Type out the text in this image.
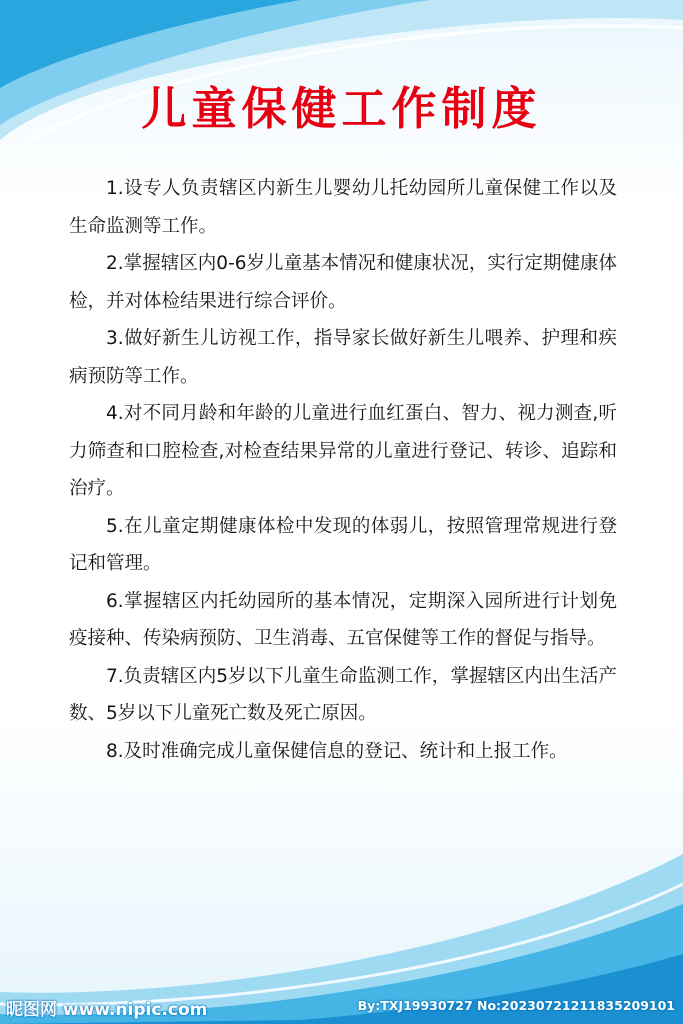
儿童保健工作制度

1.设专人负责辖区内新生儿婴幼儿托幼园所儿童保健工作以及生命监测等工作。

2.掌握辖区内0-6岁儿童基本情况和健康状况，实行定期健康体检，并对体检结果进行综合评价。

3.做好新生儿访视工作，指导家长做好新生儿喂养、护理和疾病预防等工作。

4.对不同月龄和年龄的儿童进行血红蛋白、智力、视力测查,听力筛查和口腔检查,对检查结果异常的儿童进行登记、转诊、追踪和治疗。

5.在儿童定期健康体检中发现的体弱儿，按照管理常规进行登记和管理。

6.掌握辖区内托幼园所的基本情况，定期深入园所进行计划免疫接种、传染病预防、卫生消毒、五官保健等工作的督促与指导。

7.负责辖区内5岁以下儿童生命监测工作，掌握辖区内出生活产数、5岁以下儿童死亡数及死亡原因。

8.及时准确完成儿童保健信息的登记、统计和上报工作。

昵图网 www.nipic.com	By:TXJ19930727 No:20230721211835209101
